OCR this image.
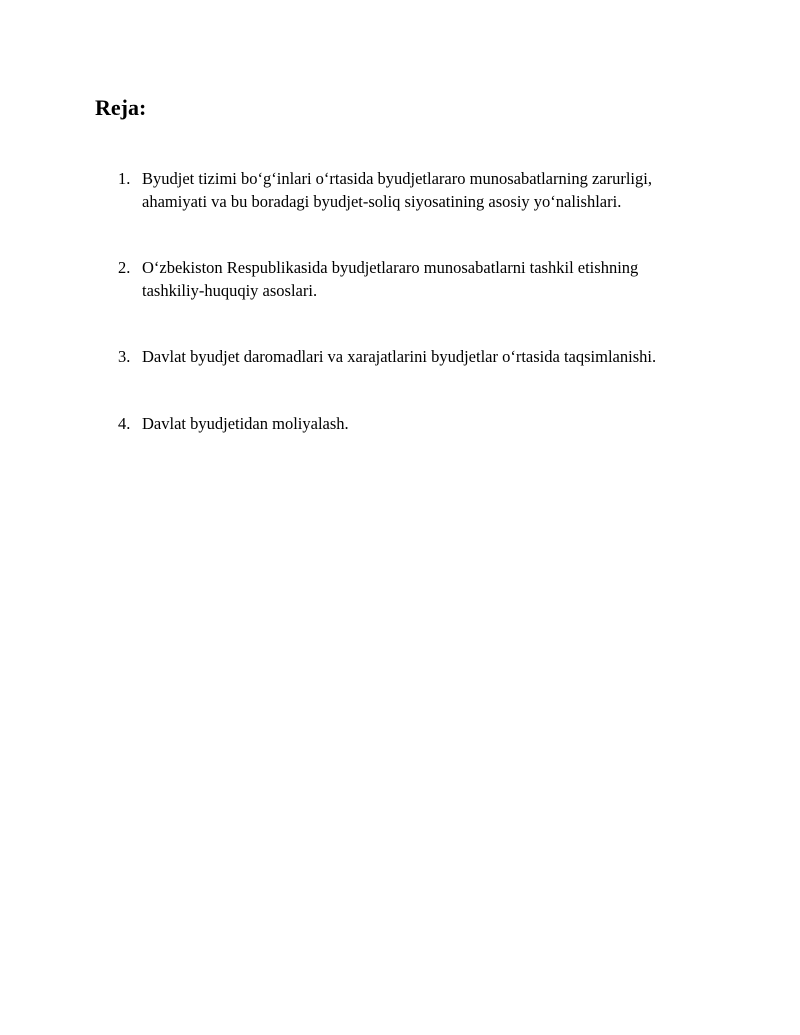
Reja:
1. Byudjet tizimi bo‘g‘inlari o‘rtasida byudjetlararo munosabatlarning zarurligi, ahamiyati va bu boradagi byudjet-soliq siyosatining asosiy yo‘nalishlari.
2. O‘zbekiston Respublikasida byudjetlararo munosabatlarni tashkil etishning tashkiliy-huquqiy asoslari.
3. Davlat byudjet daromadlari va xarajatlarini byudjetlar o‘rtasida taqsimlanishi.
4. Davlat byudjetidan moliyalash.
